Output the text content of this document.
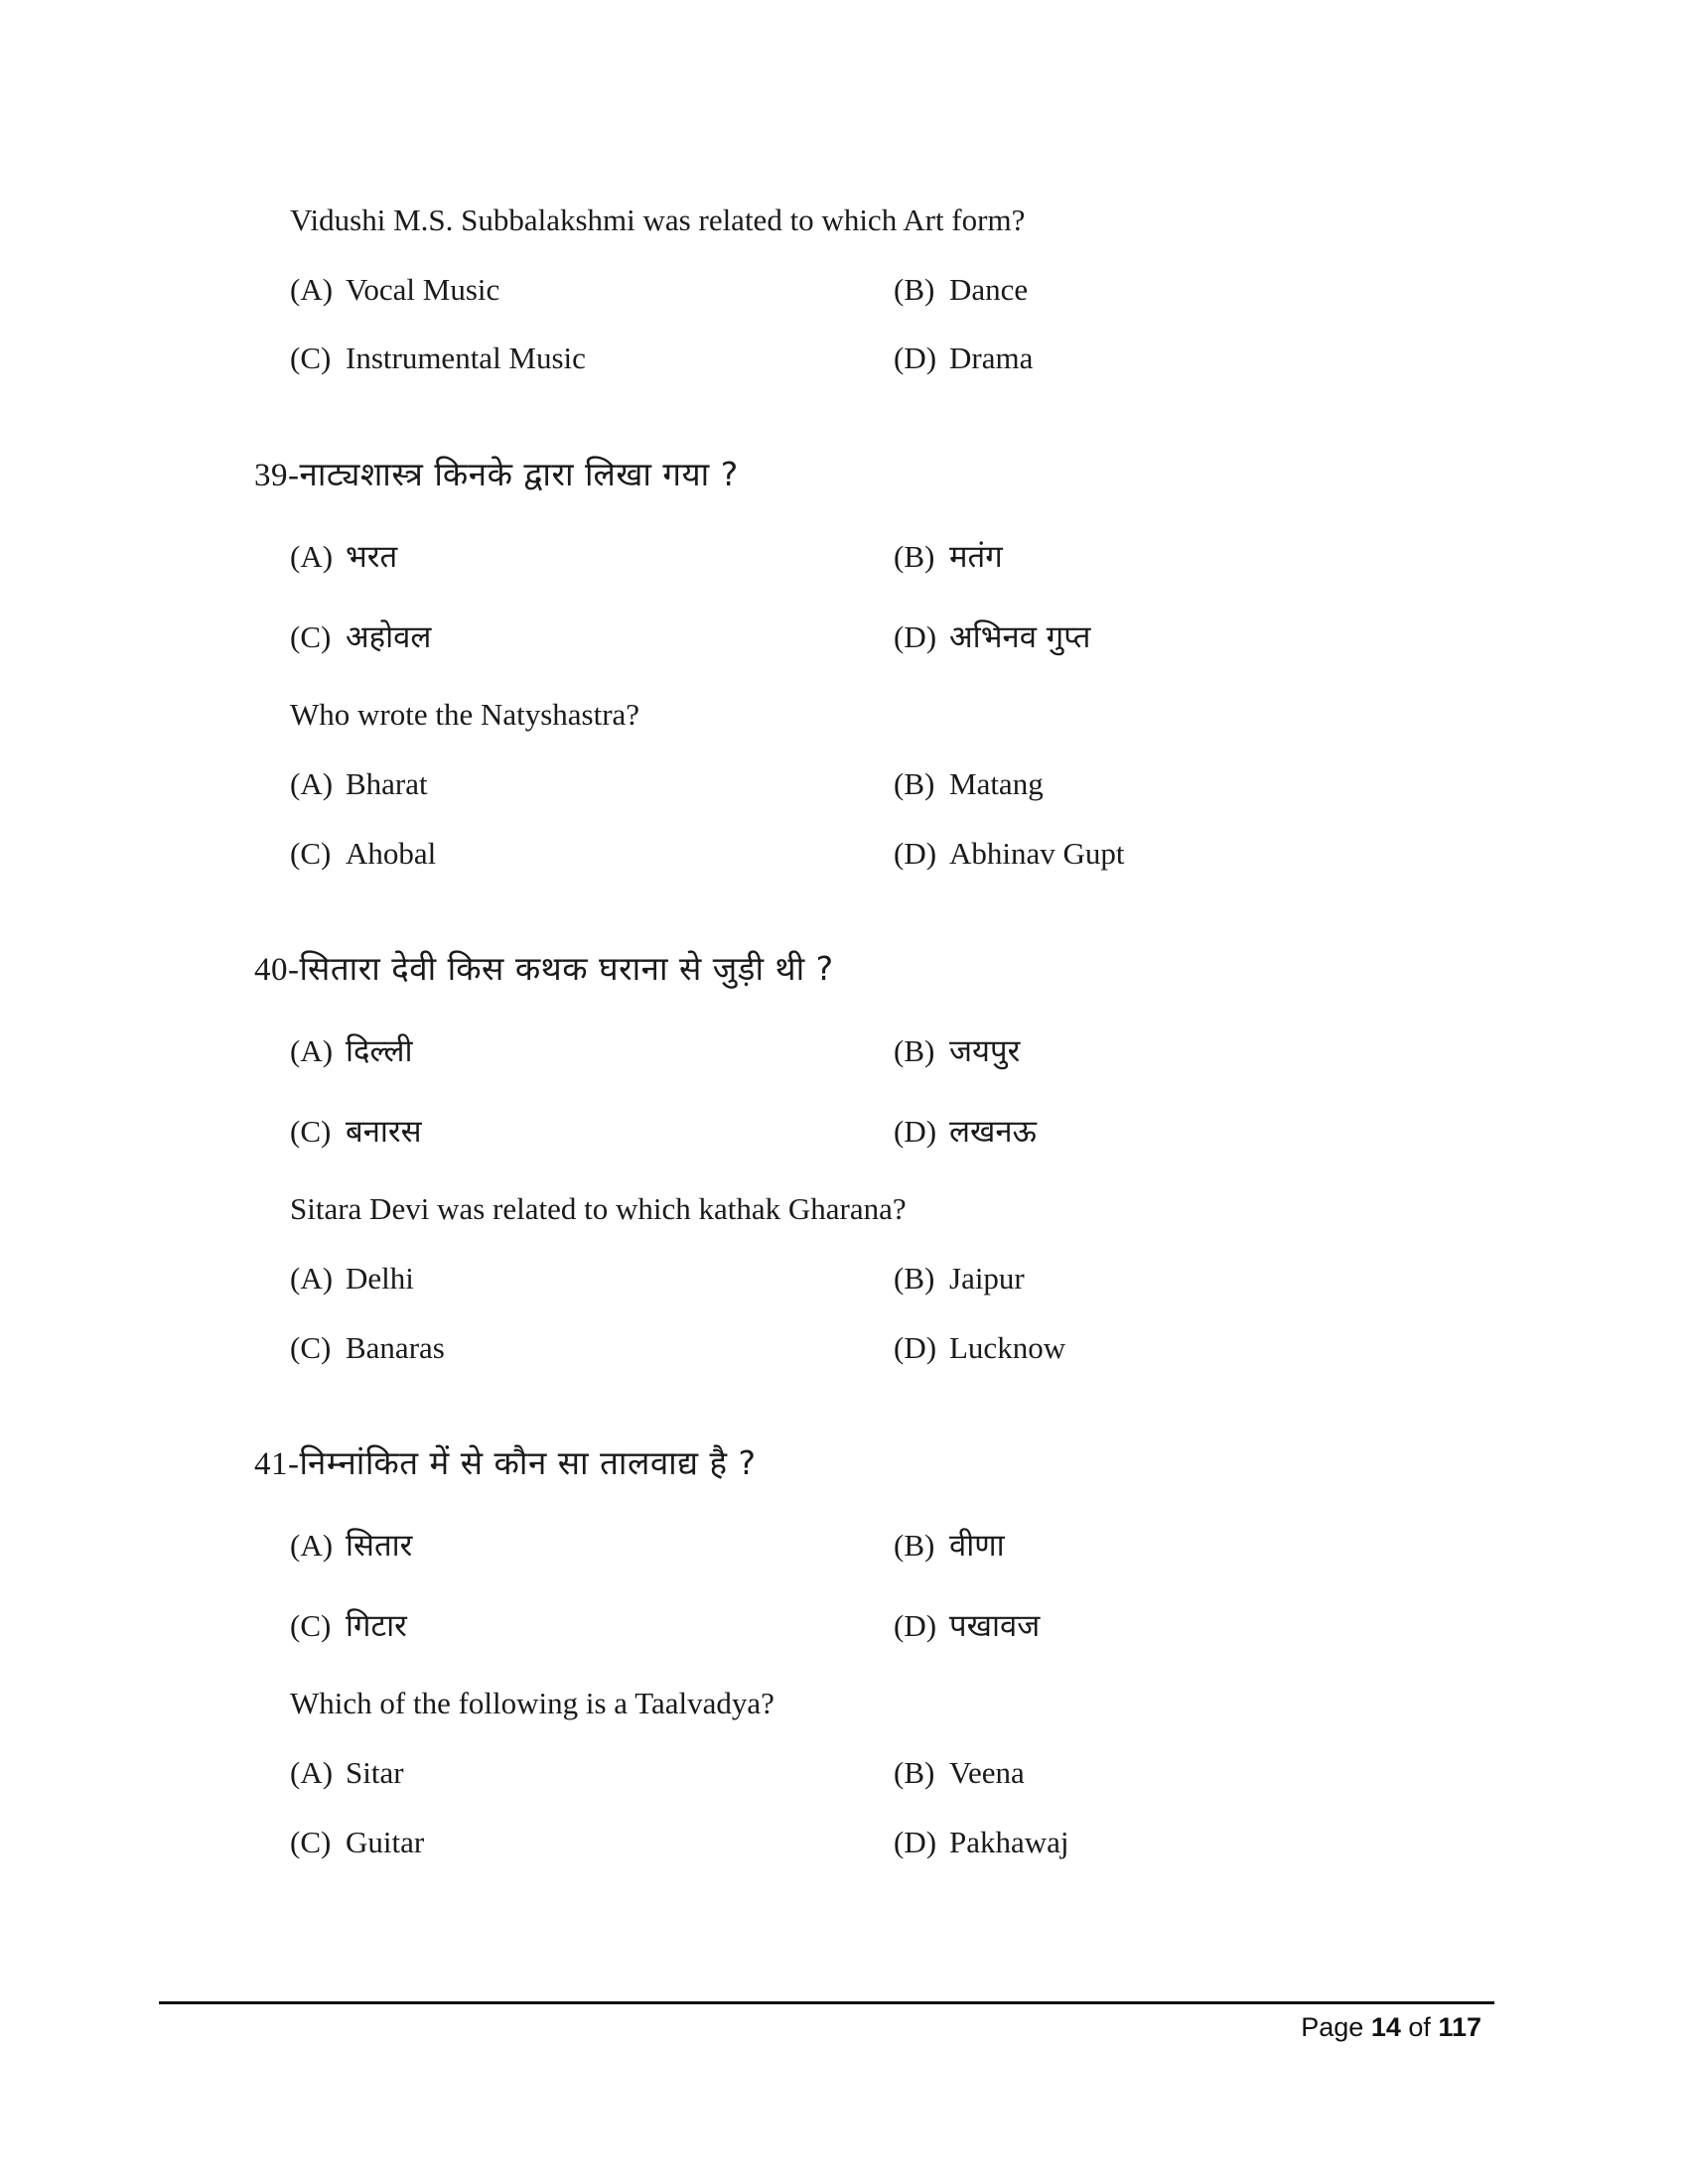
Vidushi M.S. Subbalakshmi was related to which Art form?
(A) Vocal Music	(B) Dance
(C) Instrumental Music	(D) Drama
39-नाट्यशास्त्र किनके द्वारा लिखा गया ?
(A) भरत	(B) मतंग
(C) अहोवल	(D) अभिनव गुप्त
Who wrote the Natyshastra?
(A) Bharat	(B) Matang
(C) Ahobal	(D) Abhinav Gupt
40-सितारा देवी किस कथक घराना से जुड़ी थी ?
(A) दिल्ली	(B) जयपुर
(C) बनारस	(D) लखनऊ
Sitara Devi was related to which kathak Gharana?
(A) Delhi	(B) Jaipur
(C) Banaras	(D) Lucknow
41-निम्नांकित में से कौन सा तालवाद्य है ?
(A) सितार	(B) वीणा
(C) गिटार	(D) पखावज
Which of the following is a Taalvadya?
(A) Sitar	(B) Veena
(C) Guitar	(D) Pakhawaj
Page 14 of 117
